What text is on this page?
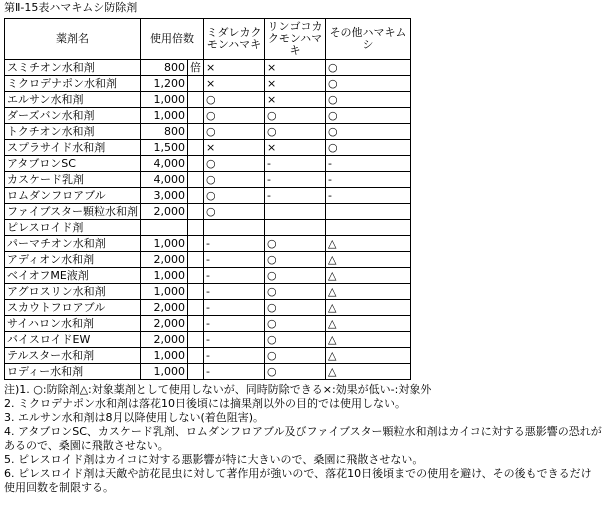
第Ⅱ-15表ハマキムシ防除剤
薬剤名	使用倍数		ミダレカクモンハマキ	リンゴコカクモンハマキ	その他ハマキムシ
スミチオン水和剤	800	倍	×	×	○
ミクロデナポン水和剤	1,200		×	×	○
エルサン水和剤	1,000		○	×	○
ダーズバン水和剤	1,000		○	○	○
トクチオン水和剤	800		○	○	○
スプラサイド水和剤	1,500		×	×	○
アタブロンSC	4,000		○	-	-
カスケード乳剤	4,000		○	-	-
ロムダンフロアブル	3,000		○	-	-
ファイブスター顆粒水和剤	2,000		○		
ピレスロイド剤					
パーマチオン水和剤	1,000		-	○	△
アディオン水和剤	2,000		-	○	△
ベイオフME液剤	1,000		-	○	△
アグロスリン水和剤	1,000		-	○	△
スカウトフロアブル	2,000		-	○	△
サイハロン水和剤	2,000		-	○	△
バイスロイドEW	2,000		-	○	△
テルスター水和剤	1,000		-	○	△
ロディー水和剤	1,000		-	○	△
注)1. ○:防除剤△:対象薬剤として使用しないが、同時防除できる×:効果が低い-:対象外
2. ミクロデナポン水和剤は落花10日後頃には摘果剤以外の目的では使用しない。
3. エルサン水和剤は8月以降使用しない(着色阻害)。
4. アタブロンSC、カスケード乳剤、ロムダンフロアブル及びファイブスター顆粒水和剤はカイコに対する悪影響の恐れがあるので、桑園に飛散させない。
5. ピレスロイド剤はカイコに対する悪影響が特に大きいので、桑園に飛散させない。
6. ピレスロイド剤は天敵や訪花昆虫に対して著作用が強いので、落花10日後頃までの使用を避け、その後もできるだけ使用回数を制限する。
